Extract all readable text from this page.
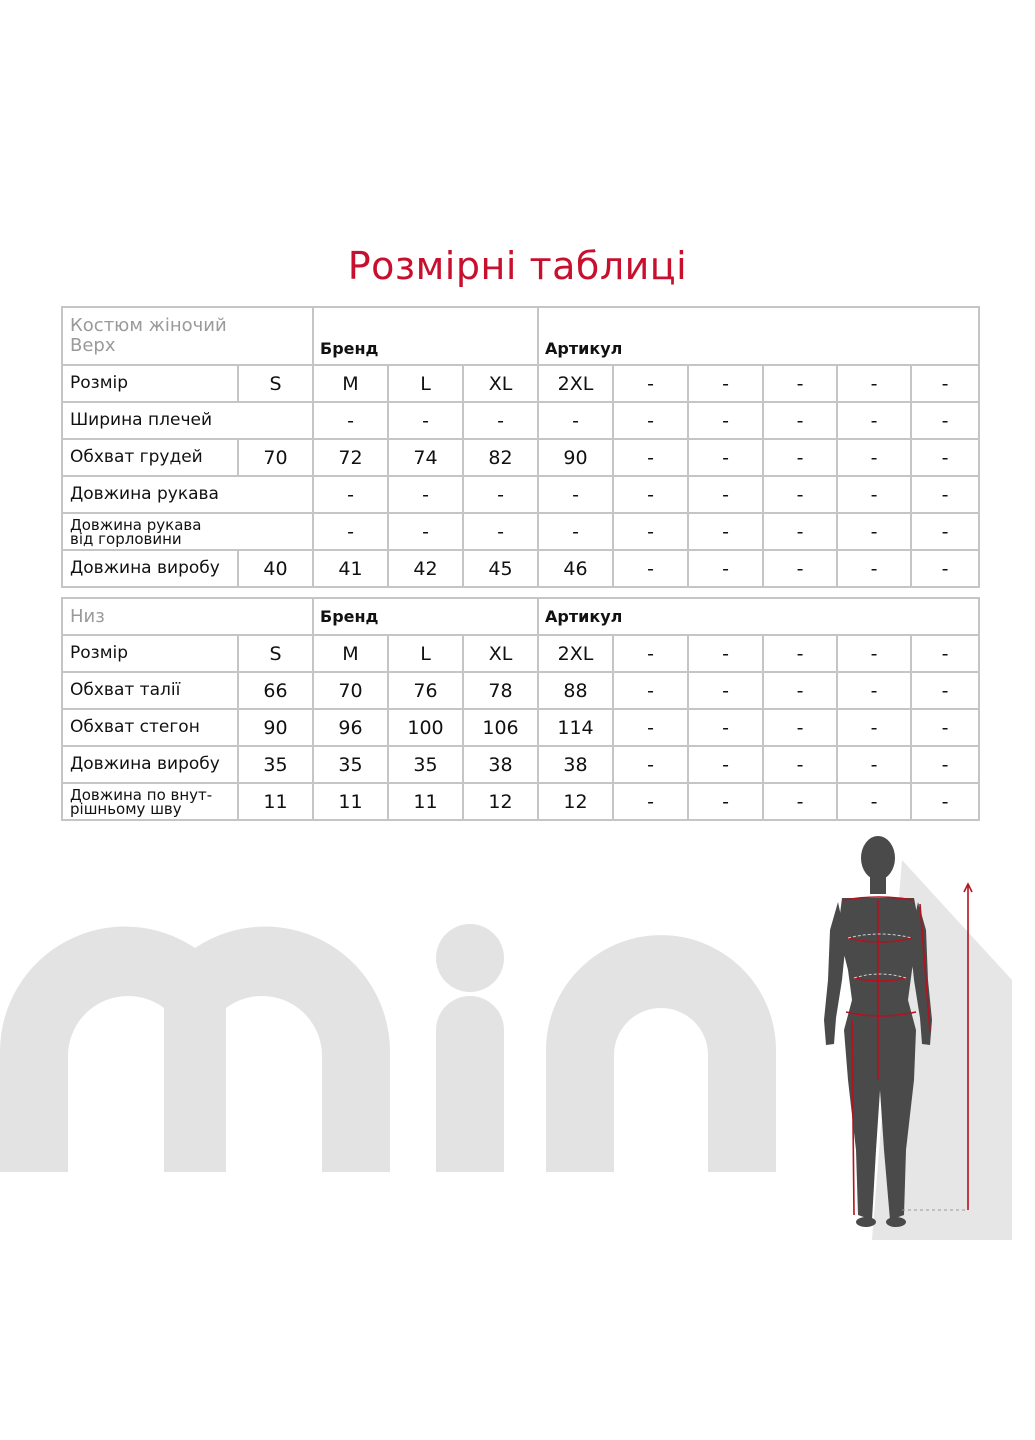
Розмірні таблиці
Костюм жіночий
Верх		Бренд			Артикул					
Розмір	S	M	L	XL	2XL	-	-	-	-	-
Ширина плечей		-	-	-	-	-	-	-	-	-
Обхват грудей	70	72	74	82	90	-	-	-	-	-
Довжина рукава		-	-	-	-	-	-	-	-	-
Довжина рукава
від горловини		-	-	-	-	-	-	-	-	-
Довжина виробу	40	41	42	45	46	-	-	-	-	-
Низ		Бренд			Артикул					
Розмір	S	M	L	XL	2XL	-	-	-	-	-
Обхват талії	66	70	76	78	88	-	-	-	-	-
Обхват стегон	90	96	100	106	114	-	-	-	-	-
Довжина виробу	35	35	35	38	38	-	-	-	-	-
Довжина по внут-
рішньому шву	11	11	11	12	12	-	-	-	-	-
